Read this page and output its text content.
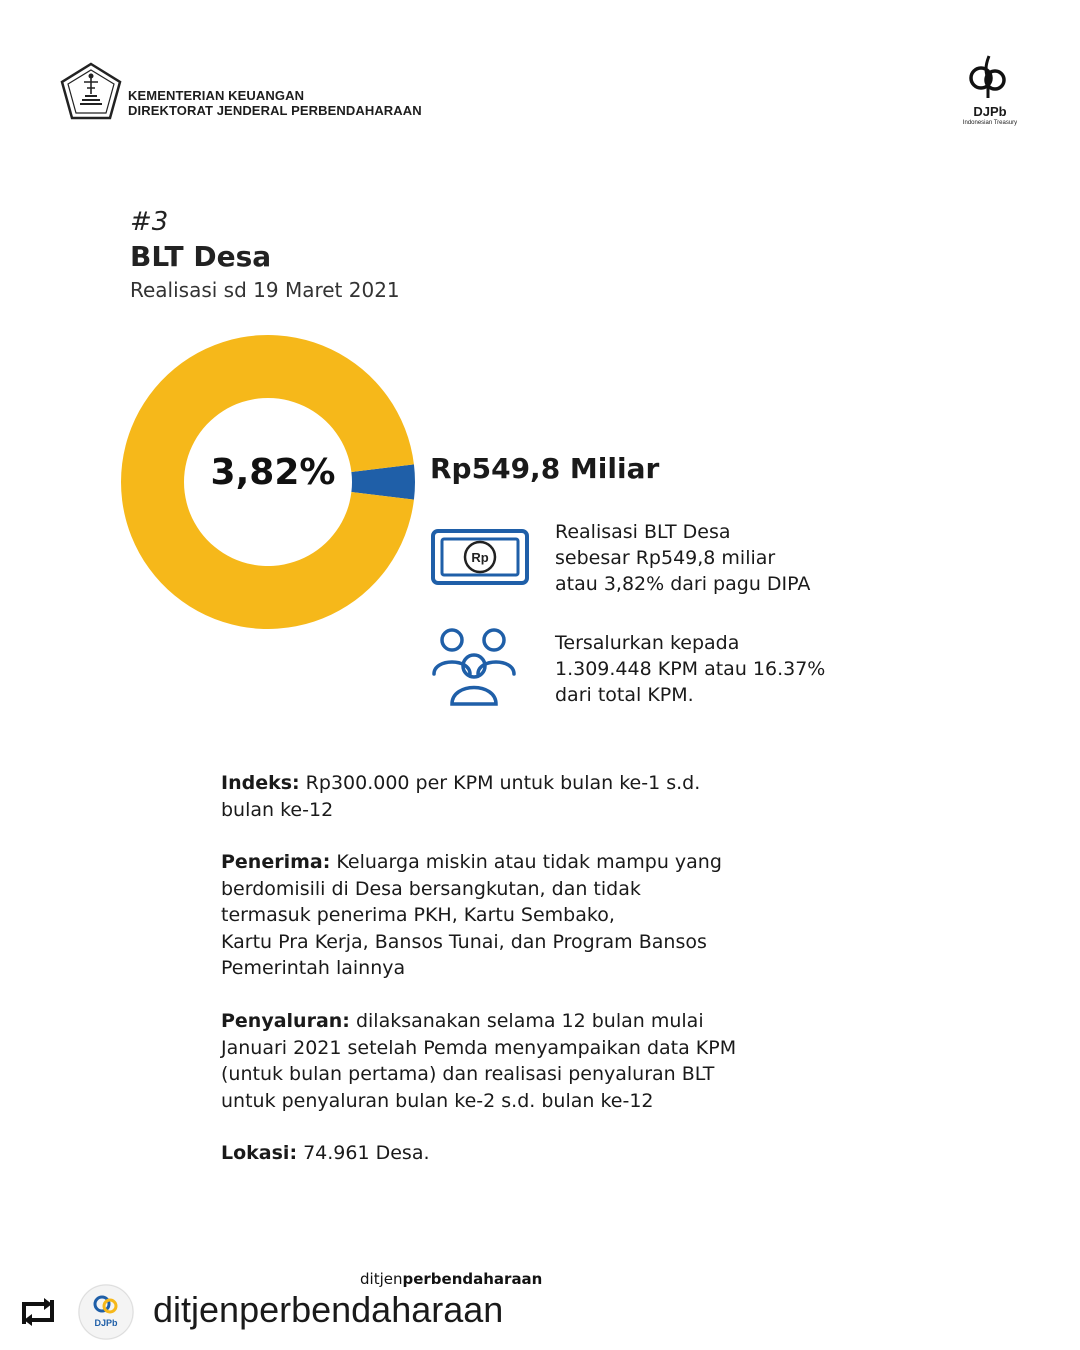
KEMENTERIAN KEUANGAN
DIREKTORAT JENDERAL PERBENDAHARAAN	DJPb
Indonesian Treasury
#3
BLT Desa
Realisasi sd 19 Maret 2021
3,82%	Rp549,8 Miliar
Rp
Realisasi BLT Desa
sebesar Rp549,8 miliar
atau 3,82% dari pagu DIPA
Tersalurkan kepada
1.309.448 KPM atau 16.37%
dari total KPM.
Indeks: Rp300.000 per KPM untuk bulan ke-1 s.d.
bulan ke-12
Penerima: Keluarga miskin atau tidak mampu yang
berdomisili di Desa bersangkutan, dan tidak
termasuk penerima PKH, Kartu Sembako,
Kartu Pra Kerja, Bansos Tunai, dan Program Bansos
Pemerintah lainnya
Penyaluran: dilaksanakan selama 12 bulan mulai
Januari 2021 setelah Pemda menyampaikan data KPM
(untuk bulan pertama) dan realisasi penyaluran BLT
untuk penyaluran bulan ke-2 s.d. bulan ke-12
Lokasi: 74.961 Desa.
ditjenperbendaharaan
DJPb ditjenperbendaharaan
